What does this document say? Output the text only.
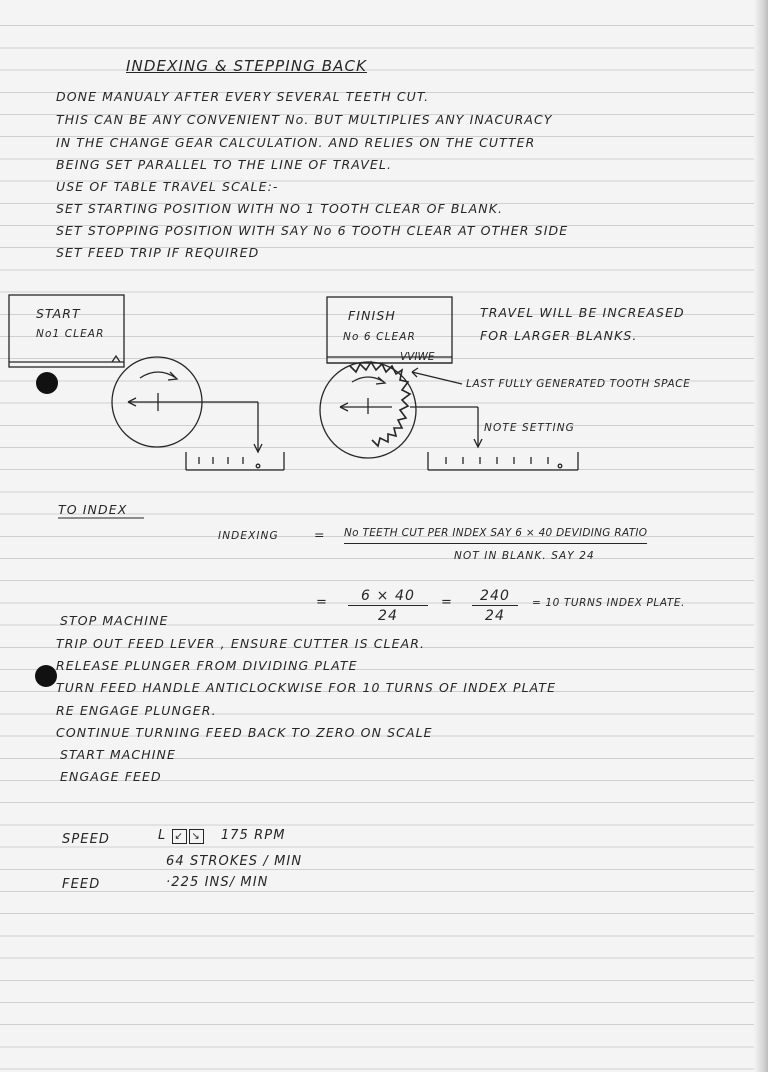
INDEXING & STEPPING BACK
DONE MANUALY AFTER EVERY SEVERAL TEETH CUT.
THIS CAN BE ANY CONVENIENT No. BUT MULTIPLIES ANY INACURACY
IN THE CHANGE GEAR CALCULATION. AND RELIES ON THE CUTTER
BEING SET PARALLEL TO THE LINE OF TRAVEL.
USE OF TABLE TRAVEL SCALE:-
SET STARTING POSITION WITH NO 1 TOOTH CLEAR OF BLANK.
SET STOPPING POSITION WITH SAY No 6 TOOTH CLEAR AT OTHER SIDE
SET FEED TRIP IF REQUIRED
START
No1 CLEAR
FINISH
No 6 CLEAR
VVIWE
TRAVEL WILL BE INCREASED
FOR LARGER BLANKS.
LAST FULLY GENERATED TOOTH SPACE
NOTE SETTING
TO INDEX
INDEXING	= No TEETH CUT PER INDEX SAY 6 × 40 DEVIDING RATIO
NOT IN BLANK. SAY 24
= $\frac{6 \times 40}{24} = \frac{240}{24} = 10$ TURNS INDEX PLATE.
STOP MACHINE
TRIP OUT FEED LEVER , ENSURE CUTTER IS CLEAR.
RELEASE PLUNGER FROM DIVIDING PLATE
TURN FEED HANDLE ANTICLOCKWISE FOR 10 TURNS OF INDEX PLATE
RE ENGAGE PLUNGER.
CONTINUE TURNING FEED BACK TO ZERO ON SCALE
START MACHINE
ENGAGE FEED
SPEED	L ↙ ↘ 175 RPM
64 STROKES / MIN
FEED	·225 INS/ MIN
